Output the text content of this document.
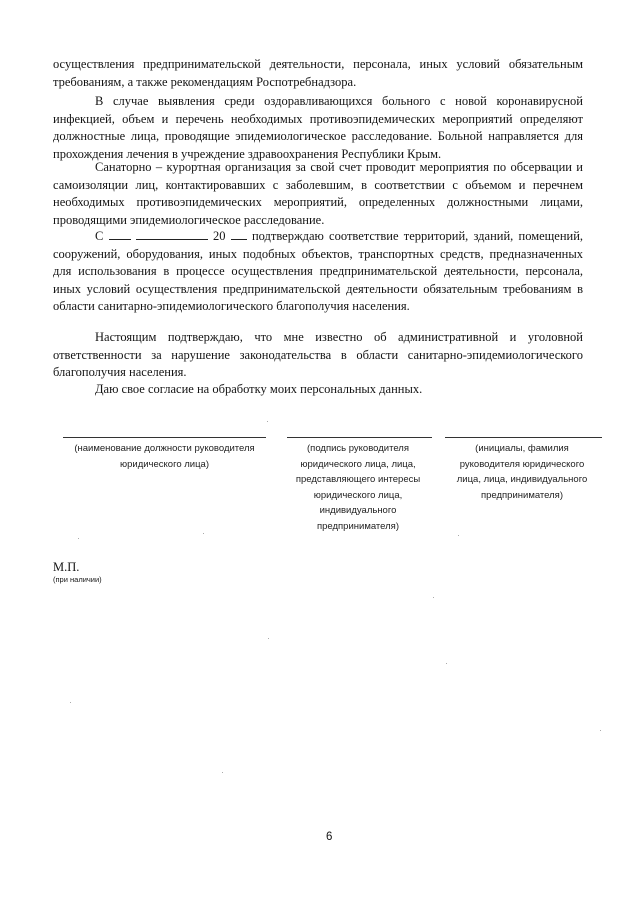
осуществления предпринимательской деятельности, персонала, иных условий обязательным требованиям, а также рекомендациям Роспотребнадзора.

В случае выявления среди оздоравливающихся больного с новой коронавирусной инфекцией, объем и перечень необходимых противоэпидемических мероприятий определяют должностные лица, проводящие эпидемиологическое расследование. Больной направляется для прохождения лечения в учреждение здравоохранения Республики Крым.

Санаторно – курортная организация за свой счет проводит мероприятия по обсервации и самоизоляции лиц, контактировавших с заболевшим, в соответствии с объемом и перечнем необходимых противоэпидемических мероприятий, определенных должностными лицами, проводящими эпидемиологическое расследование.

С	20 подтверждаю соответствие территорий, зданий, помещений, сооружений, оборудования, иных подобных объектов, транспортных средств, предназначенных для использования в процессе осуществления предпринимательской деятельности, персонала, иных условий осуществления предпринимательской деятельности обязательным требованиям в области санитарно-эпидемиологического благополучия населения.

Настоящим подтверждаю, что мне известно об административной и уголовной ответственности за нарушение законодательства в области санитарно-эпидемиологического благополучия населения.

Даю свое согласие на обработку моих персональных данных.

(наименование должности руководителя юридического лица)

(подпись руководителя юридического лица, лица, представляющего интересы юридического лица, индивидуального предпринимателя)

(инициалы, фамилия руководителя юридического лица, лица, индивидуального предпринимателя)

М.П.
(при наличии)
6
